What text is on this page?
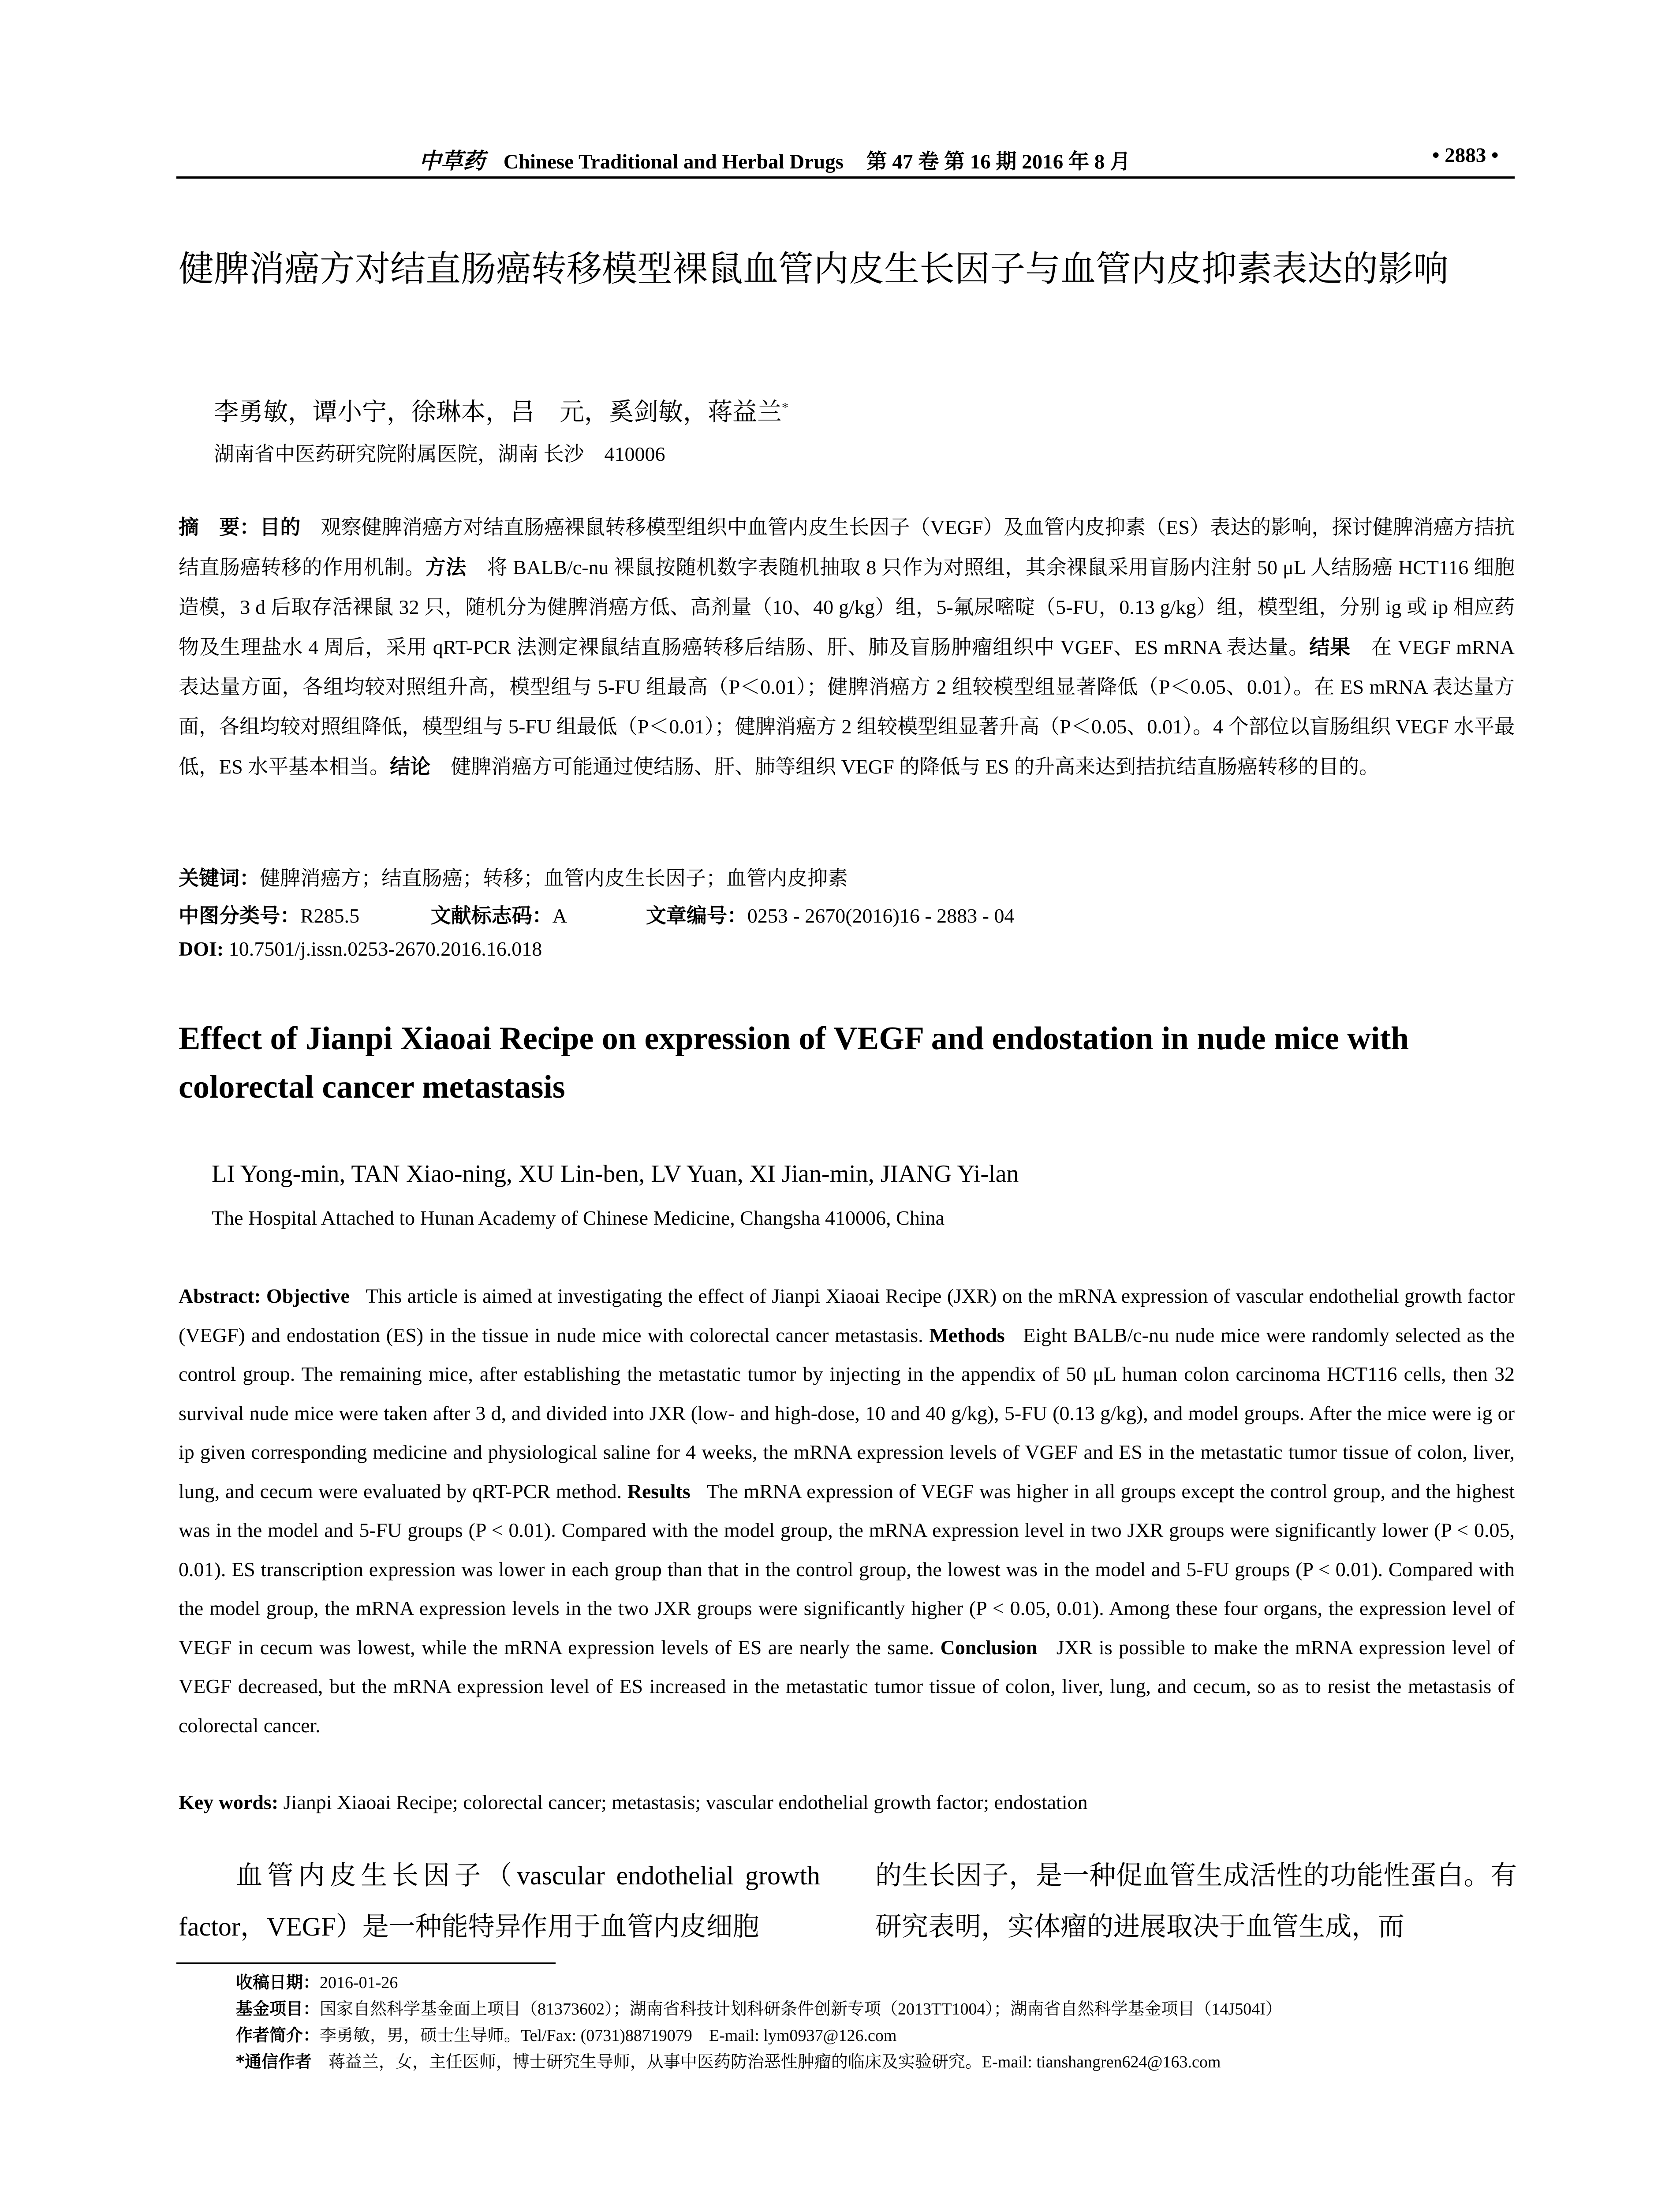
中草药 Chinese Traditional and Herbal Drugs 第 47 卷 第 16 期 2016 年 8 月	• 2883 •
健脾消癌方对结直肠癌转移模型裸鼠血管内皮生长因子与血管内皮抑素表达的影响
李勇敏，谭小宁，徐琳本，吕　元，奚剑敏，蒋益兰*
湖南省中医药研究院附属医院，湖南 长沙　410006
摘　要：目的　 观察健脾消癌方对结直肠癌裸鼠转移模型组织中血管内皮生长因子（VEGF）及血管内皮抑素（ES）表达的影响，探讨健脾消癌方拮抗结直肠癌转移的作用机制。方法　 将 BALB/c-nu 裸鼠按随机数字表随机抽取 8 只作为对照组，其余裸鼠采用盲肠内注射 50 μL 人结肠癌 HCT116 细胞造模，3 d 后取存活裸鼠 32 只，随机分为健脾消癌方低、高剂量（10、40 g/kg）组，5-氟尿嘧啶（5-FU，0.13 g/kg）组，模型组，分别 ig 或 ip 相应药物及生理盐水 4 周后，采用 qRT-PCR 法测定裸鼠结直肠癌转移后结肠、肝、肺及盲肠肿瘤组织中 VGEF、ES mRNA 表达量。结果　 在 VEGF mRNA 表达量方面，各组均较对照组升高，模型组与 5-FU 组最高（P＜0.01）；健脾消癌方 2 组较模型组显著降低（P＜0.05、0.01）。在 ES mRNA 表达量方面，各组均较对照组降低，模型组与 5-FU 组最低（P＜0.01）；健脾消癌方 2 组较模型组显著升高（P＜0.05、0.01）。4 个部位以盲肠组织 VEGF 水平最低，ES 水平基本相当。结论　 健脾消癌方可能通过使结肠、肝、肺等组织 VEGF 的降低与 ES 的升高来达到拮抗结直肠癌转移的目的。
关键词：健脾消癌方；结直肠癌；转移；血管内皮生长因子；血管内皮抑素
中图分类号：R285.5	文献标志码：A	文章编号：0253 - 2670(2016)16 - 2883 - 04
DOI: 10.7501/j.issn.0253-2670.2016.16.018
Effect of Jianpi Xiaoai Recipe on expression of VEGF and endostation in nude mice with colorectal cancer metastasis
LI Yong-min, TAN Xiao-ning, XU Lin-ben, LV Yuan, XI Jian-min, JIANG Yi-lan
The Hospital Attached to Hunan Academy of Chinese Medicine, Changsha 410006, China
Abstract: Objective This article is aimed at investigating the effect of Jianpi Xiaoai Recipe (JXR) on the mRNA expression of vascular endothelial growth factor (VEGF) and endostation (ES) in the tissue in nude mice with colorectal cancer metastasis. Methods Eight BALB/c-nu nude mice were randomly selected as the control group. The remaining mice, after establishing the metastatic tumor by injecting in the appendix of 50 μL human colon carcinoma HCT116 cells, then 32 survival nude mice were taken after 3 d, and divided into JXR (low- and high-dose, 10 and 40 g/kg), 5-FU (0.13 g/kg), and model groups. After the mice were ig or ip given corresponding medicine and physiological saline for 4 weeks, the mRNA expression levels of VGEF and ES in the metastatic tumor tissue of colon, liver, lung, and cecum were evaluated by qRT-PCR method. Results The mRNA expression of VEGF was higher in all groups except the control group, and the highest was in the model and 5-FU groups (P < 0.01). Compared with the model group, the mRNA expression level in two JXR groups were significantly lower (P < 0.05, 0.01). ES transcription expression was lower in each group than that in the control group, the lowest was in the model and 5-FU groups (P < 0.01). Compared with the model group, the mRNA expression levels in the two JXR groups were significantly higher (P < 0.05, 0.01). Among these four organs, the expression level of VEGF in cecum was lowest, while the mRNA expression levels of ES are nearly the same. Conclusion JXR is possible to make the mRNA expression level of VEGF decreased, but the mRNA expression level of ES increased in the metastatic tumor tissue of colon, liver, lung, and cecum, so as to resist the metastasis of colorectal cancer.
Key words: Jianpi Xiaoai Recipe; colorectal cancer; metastasis; vascular endothelial growth factor; endostation
血管内皮生长因子（vascular endothelial growth factor，VEGF）是一种能特异作用于血管内皮细胞
的生长因子，是一种促血管生成活性的功能性蛋白。有研究表明，实体瘤的进展取决于血管生成，而
收稿日期：2016-01-26
基金项目：国家自然科学基金面上项目（81373602）；湖南省科技计划科研条件创新专项（2013TT1004）；湖南省自然科学基金项目（14J504I）
作者简介：李勇敏，男，硕士生导师。Tel/Fax: (0731)88719079　E-mail: lym0937@126.com
*通信作者　 蒋益兰，女，主任医师，博士研究生导师，从事中医药防治恶性肿瘤的临床及实验研究。E-mail: tianshangren624@163.com
